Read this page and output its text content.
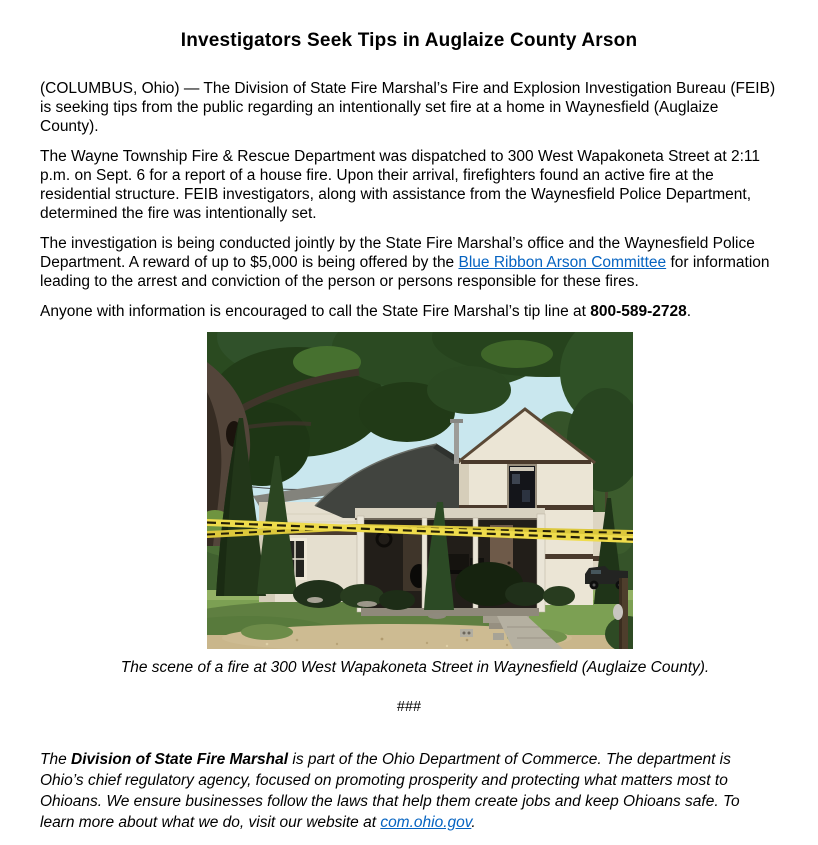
Investigators Seek Tips in Auglaize County Arson

(COLUMBUS, Ohio) — The Division of State Fire Marshal’s Fire and Explosion Investigation Bureau (FEIB) is seeking tips from the public regarding an intentionally set fire at a home in Waynesfield (Auglaize County).

The Wayne Township Fire & Rescue Department was dispatched to 300 West Wapakoneta Street at 2:11 p.m. on Sept. 6 for a report of a house fire. Upon their arrival, firefighters found an active fire at the residential structure. FEIB investigators, along with assistance from the Waynesfield Police Department, determined the fire was intentionally set.

The investigation is being conducted jointly by the State Fire Marshal’s office and the Waynesfield Police Department. A reward of up to $5,000 is being offered by the Blue Ribbon Arson Committee for information leading to the arrest and conviction of the person or persons responsible for these fires.

Anyone with information is encouraged to call the State Fire Marshal’s tip line at 800-589-2728.

The scene of a fire at 300 West Wapakoneta Street in Waynesfield (Auglaize County).
###

The Division of State Fire Marshal is part of the Ohio Department of Commerce. The department is Ohio’s chief regulatory agency, focused on promoting prosperity and protecting what matters most to Ohioans. We ensure businesses follow the laws that help them create jobs and keep Ohioans safe. To learn more about what we do, visit our website at com.ohio.gov.
